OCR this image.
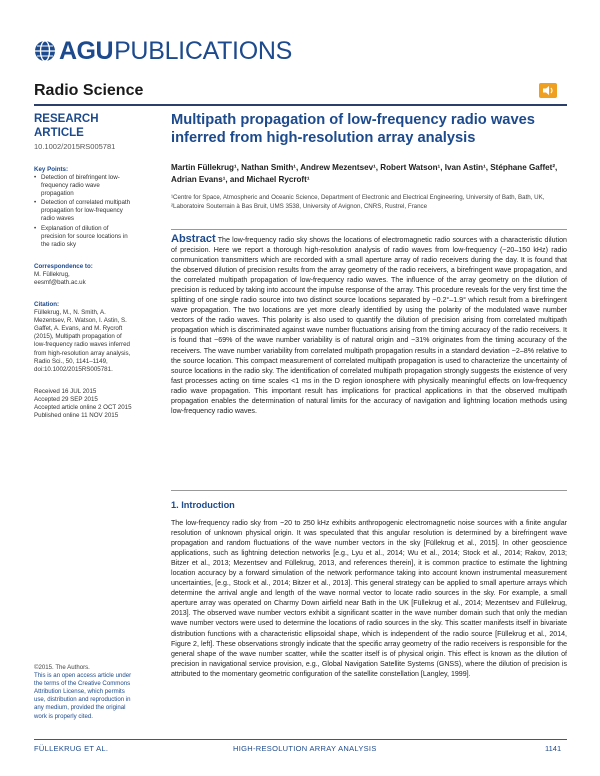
AGU PUBLICATIONS
Radio Science
RESEARCH ARTICLE
10.1002/2015RS005781
Key Points:
• Detection of birefringent low-frequency radio wave propagation
• Detection of correlated multipath propagation for low-frequency radio waves
• Explanation of dilution of precision for source locations in the radio sky
Correspondence to:
M. Füllekrug,
eesmf@bath.ac.uk
Citation:
Füllekrug, M., N. Smith, A. Mezentsev, R. Watson, I. Astin, S. Gaffet, A. Evans, and M. Rycroft (2015), Multipath propagation of low-frequency radio waves inferred from high-resolution array analysis, Radio Sci., 50, 1141–1149, doi:10.1002/2015RS005781.
Received 16 JUL 2015
Accepted 29 SEP 2015
Accepted article online 2 OCT 2015
Published online 11 NOV 2015
©2015. The Authors.
This is an open access article under the terms of the Creative Commons Attribution License, which permits use, distribution and reproduction in any medium, provided the original work is properly cited.
Multipath propagation of low-frequency radio waves inferred from high-resolution array analysis
Martin Füllekrug¹, Nathan Smith¹, Andrew Mezentsev¹, Robert Watson¹, Ivan Astin¹, Stéphane Gaffet², Adrian Evans¹, and Michael Rycroft¹
¹Centre for Space, Atmospheric and Oceanic Science, Department of Electronic and Electrical Engineering, University of Bath, Bath, UK, ²Laboratoire Souterrain à Bas Bruit, UMS 3538, University of Avignon, CNRS, Rustrel, France
Abstract The low-frequency radio sky shows the locations of electromagnetic radio sources with a characteristic dilution of precision. Here we report a thorough high-resolution analysis of radio waves from low-frequency (~20–150 kHz) radio communication transmitters which are recorded with a small aperture array of radio receivers during the day. It is found that the observed dilution of precision results from the array geometry of the radio receivers, a birefringent wave propagation, and the correlated multipath propagation of low-frequency radio waves. The influence of the array geometry on the dilution of precision is reduced by taking into account the impulse response of the array. This procedure reveals for the very first time the splitting of one single radio source into two distinct source locations separated by ~0.2°–1.9° which result from a birefringent wave propagation. The two locations are yet more clearly identified by using the polarity of the modulated wave number vectors of the radio waves. This polarity is also used to quantify the dilution of precision arising from correlated multipath propagation which is discriminated against wave number fluctuations arising from the timing accuracy of the radio receivers. It is found that ~69% of the wave number variability is of natural origin and ~31% originates from the timing accuracy of the receivers. The wave number variability from correlated multipath propagation results in a standard deviation ~2–8% relative to the source location. This compact measurement of correlated multipath propagation is used to characterize the uncertainty of source locations in the radio sky. The identification of correlated multipath propagation strongly suggests the existence of very fast processes acting on time scales <1 ms in the D region ionosphere with physically meaningful effects on low-frequency radio wave propagation. This important result has implications for practical applications in that the observed multipath propagation enables the determination of natural limits for the accuracy of navigation and lightning location methods using low-frequency radio waves.
1. Introduction
The low-frequency radio sky from ~20 to 250 kHz exhibits anthropogenic electromagnetic noise sources with a finite angular resolution of unknown physical origin. It was speculated that this angular resolution is determined by a birefringent wave propagation and random fluctuations of the wave number vectors in the sky [Füllekrug et al., 2015]. In other geoscience applications, such as lightning detection networks [e.g., Lyu et al., 2014; Wu et al., 2014; Stock et al., 2014; Rakov, 2013; Bitzer et al., 2013; Mezentsev and Füllekrug, 2013, and references therein], it is common practice to estimate the lightning location accuracy by a forward simulation of the network performance taking into account known instrumental measurement uncertainties, [e.g., Stock et al., 2014; Bitzer et al., 2013]. This general strategy can be applied to small aperture arrays which determine the arrival angle and length of the wave normal vector to locate radio sources in the sky. For example, a small aperture array was operated on Charmy Down airfield near Bath in the UK [Füllekrug et al., 2014; Mezentsev and Füllekrug, 2013]. The observed wave number vectors exhibit a significant scatter in the wave number domain such that only the median wave number vectors were used to determine the locations of radio sources in the sky. This scatter manifests itself in bivariate distribution functions with a characteristic ellipsoidal shape, which is independent of the radio source [Füllekrug et al., 2014, Figure 2, left]. These observations strongly indicate that the specific array geometry of the radio receivers is responsible for the general shape of the wave number scatter, while the scatter itself is of physical origin. This effect is known as the dilution of precision in navigational service provision, e.g., Global Navigation Satellite Systems (GNSS), where the dilution of precision is attributed to the momentary geometric configuration of the satellite constellation [Langley, 1999].
FÜLLEKRUG ET AL.	HIGH-RESOLUTION ARRAY ANALYSIS	1141
